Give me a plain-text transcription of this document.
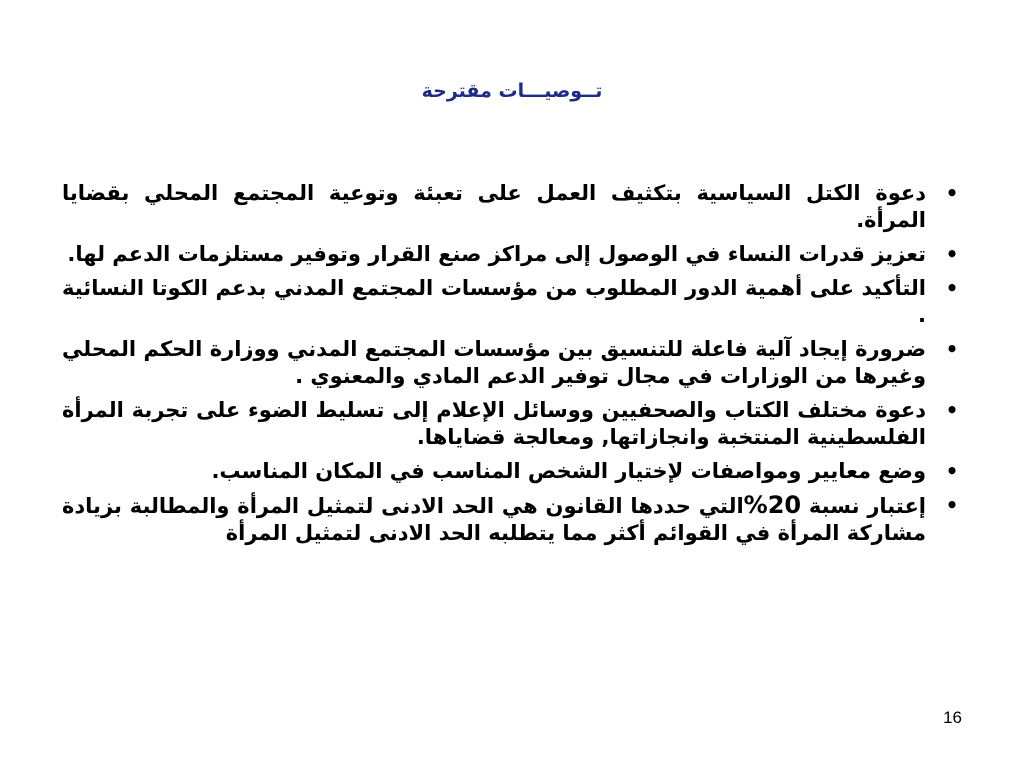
تــوصيـــات مقترحة
•
دعوة الكتل السياسية بتكثيف العمل على تعبئة وتوعية المجتمع المحلي بقضايا المرأة.
•
تعزيز قدرات النساء في الوصول إلى مراكز صنع القرار وتوفير مستلزمات الدعم لها.
•
التأكيد على أهمية الدور المطلوب من مؤسسات المجتمع المدني بدعم الكوتا النسائية .
•
ضرورة إيجاد آلية فاعلة للتنسيق بين مؤسسات المجتمع المدني ووزارة الحكم المحلي وغيرها من الوزارات في مجال توفير الدعم المادي والمعنوي .
•
دعوة مختلف الكتاب والصحفيين ووسائل الإعلام إلى تسليط الضوء على تجربة المرأة الفلسطينية المنتخبة وانجازاتها, ومعالجة قضاياها.
•
وضع معايير ومواصفات لإختيار الشخص المناسب في المكان المناسب.
•
إعتبار نسبة 20%التي حددها القانون هي الحد الادنى لتمثيل المرأة والمطالبة بزيادة مشاركة المرأة في القوائم أكثر مما يتطلبه الحد الادنى لتمثيل المرأة
16
